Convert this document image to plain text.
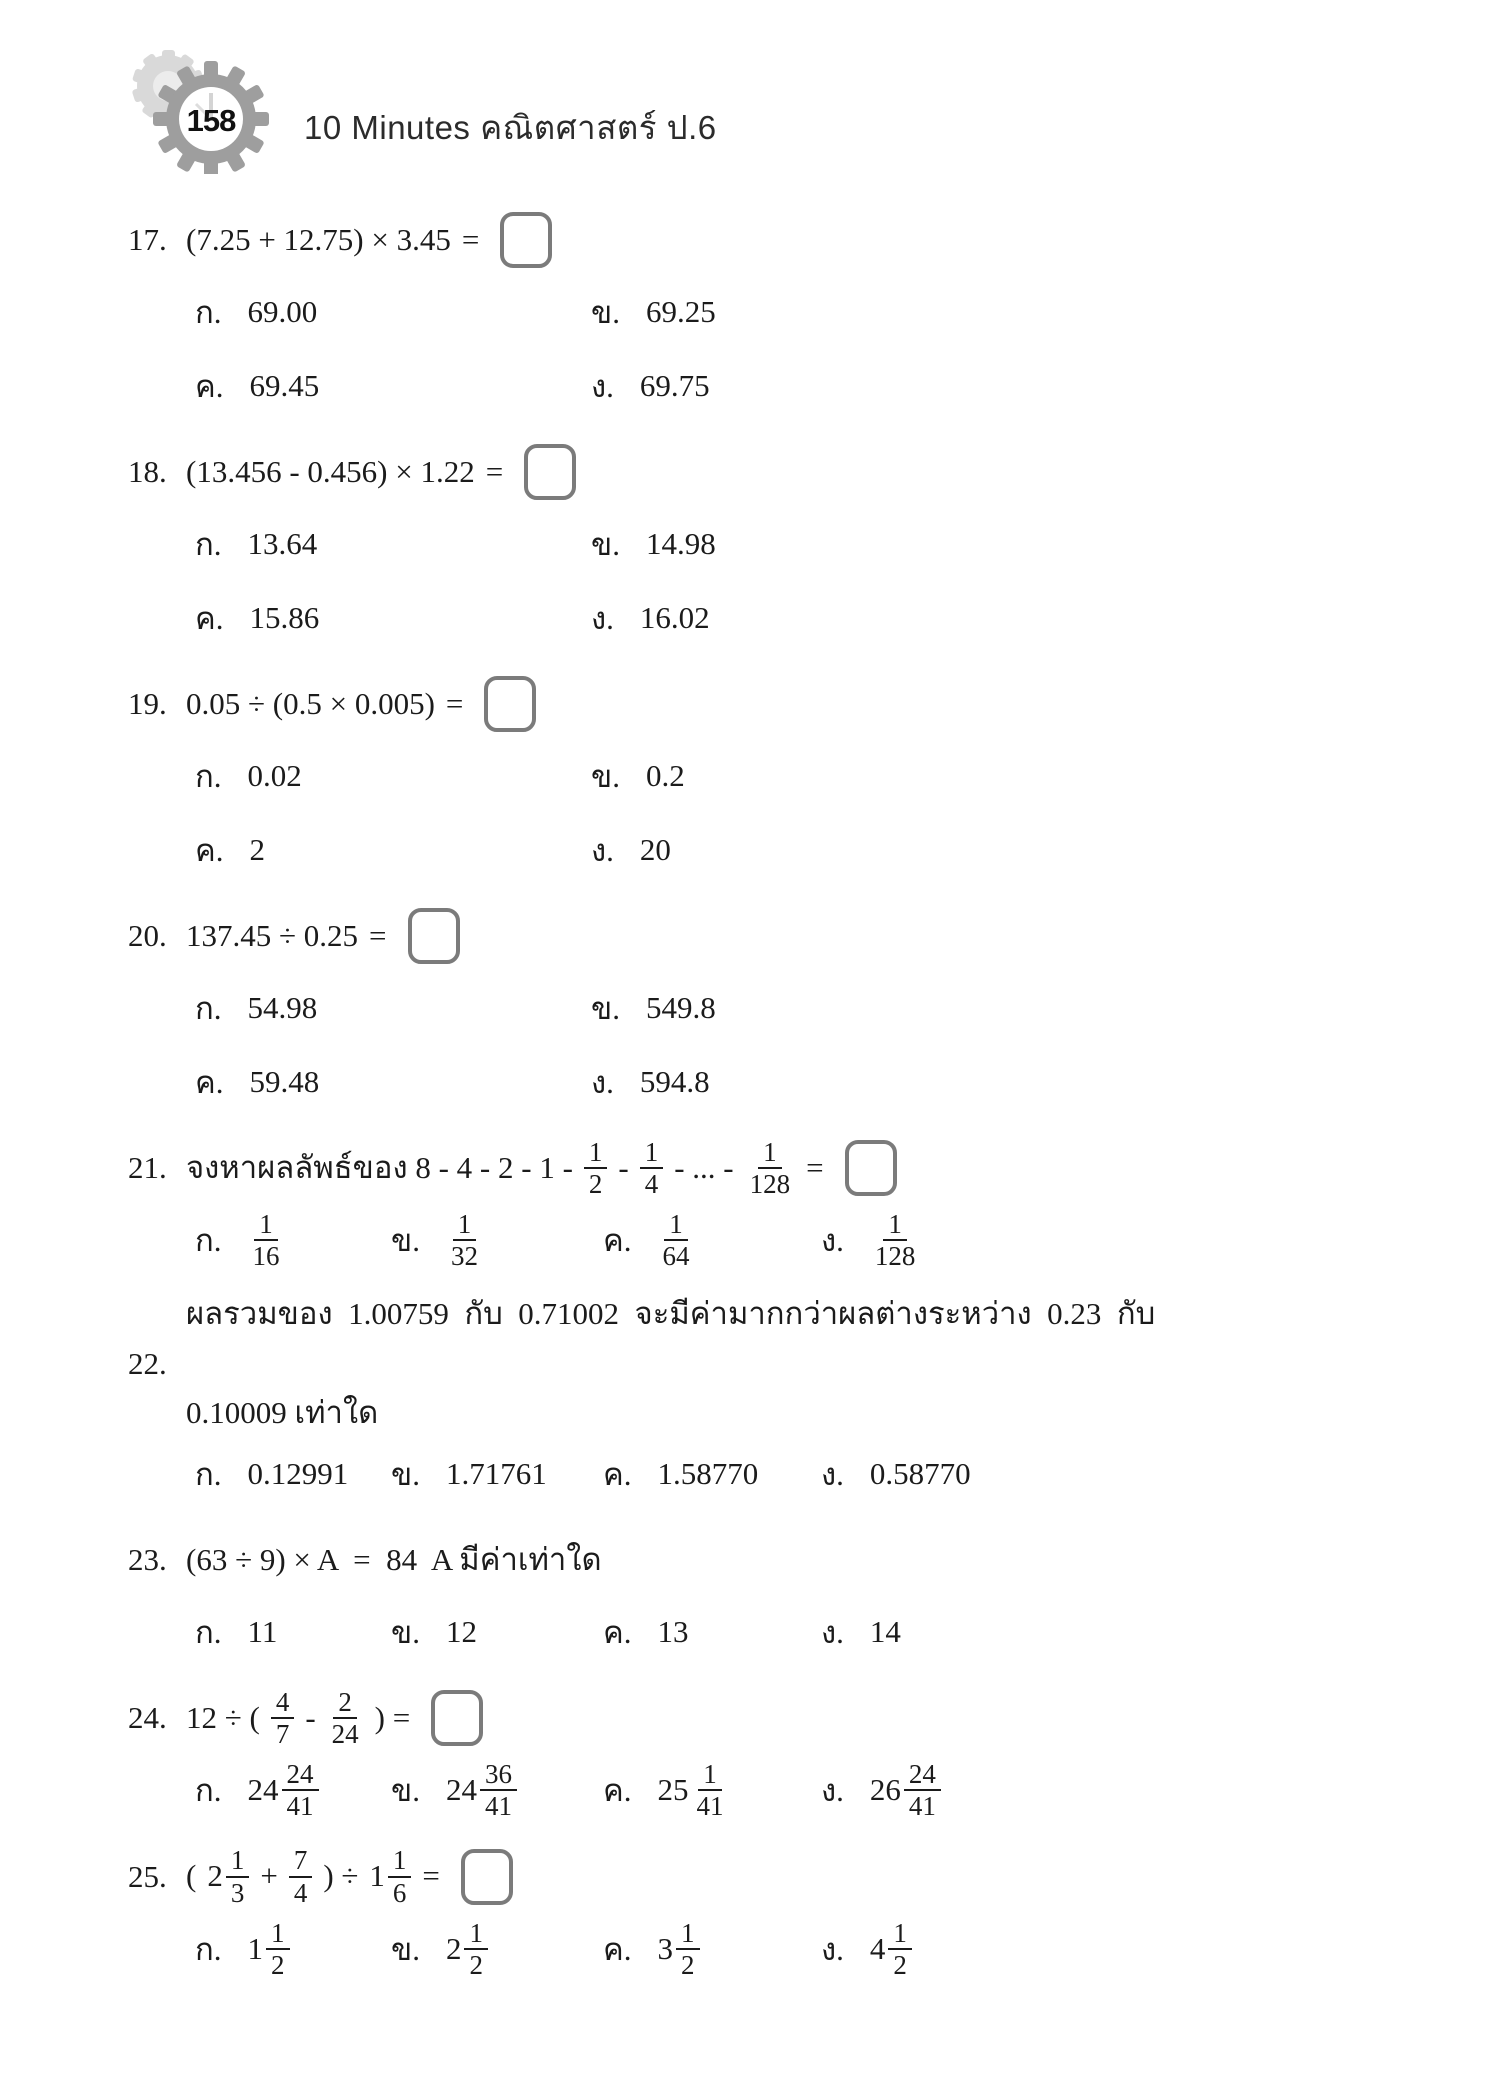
158 10 Minutes คณิตศาสตร์ ป.6
17. (7.25 + 12.75) × 3.45 =
ก. 69.00	ข. 69.25
ค. 69.45	ง. 69.75
18. (13.456 - 0.456) × 1.22 =
ก. 13.64	ข. 14.98
ค. 15.86	ง. 16.02
19. 0.05 ÷ (0.5 × 0.005) =
ก. 0.02	ข. 0.2
ค. 2	ง. 20
20. 137.45 ÷ 0.25 =
ก. 54.98	ข. 549.8
ค. 59.48	ง. 594.8
21. จงหาผลลัพธ์ของ $8 - 4 - 2 - 1 - \frac{1}{2} - \frac{1}{4}$ - ... - $\frac{1}{128}$ =
ก. $\frac{1}{16}$	ข. $\frac{1}{32}$	ค. $\frac{1}{64}$	ง. $\frac{1}{128}$
22.
ผลรวมของ  1.00759  กับ  0.71002  จะมีค่ามากกว่าผลต่างระหว่าง  0.23  กับ
0.10009 เท่าใด
ก. 0.12991 ข. 1.71761 ค. 1.58770 ง. 0.58770
23. (63 ÷ 9) × A  =  84  A มีค่าเท่าใด
ก. 11	ข. 12	ค. 13	ง. 14
24. 12 ÷ ( $\frac{4}{7} - \frac{2}{24}$ ) =
ก. $24 \frac{24}{41}$ ข. $24 \frac{36}{41}$	ค. $25 \frac{1}{41}$	ง. $26 \frac{24}{41}$
25. ( $2 \frac{1}{3} + \frac{7}{4}$ ) ÷ $1 \frac{1}{6}$ =
ก. $1 \frac{1}{2}$	ข. $2 \frac{1}{2}$	ค. $3 \frac{1}{2}$	ง. $4 \frac{1}{2}$
